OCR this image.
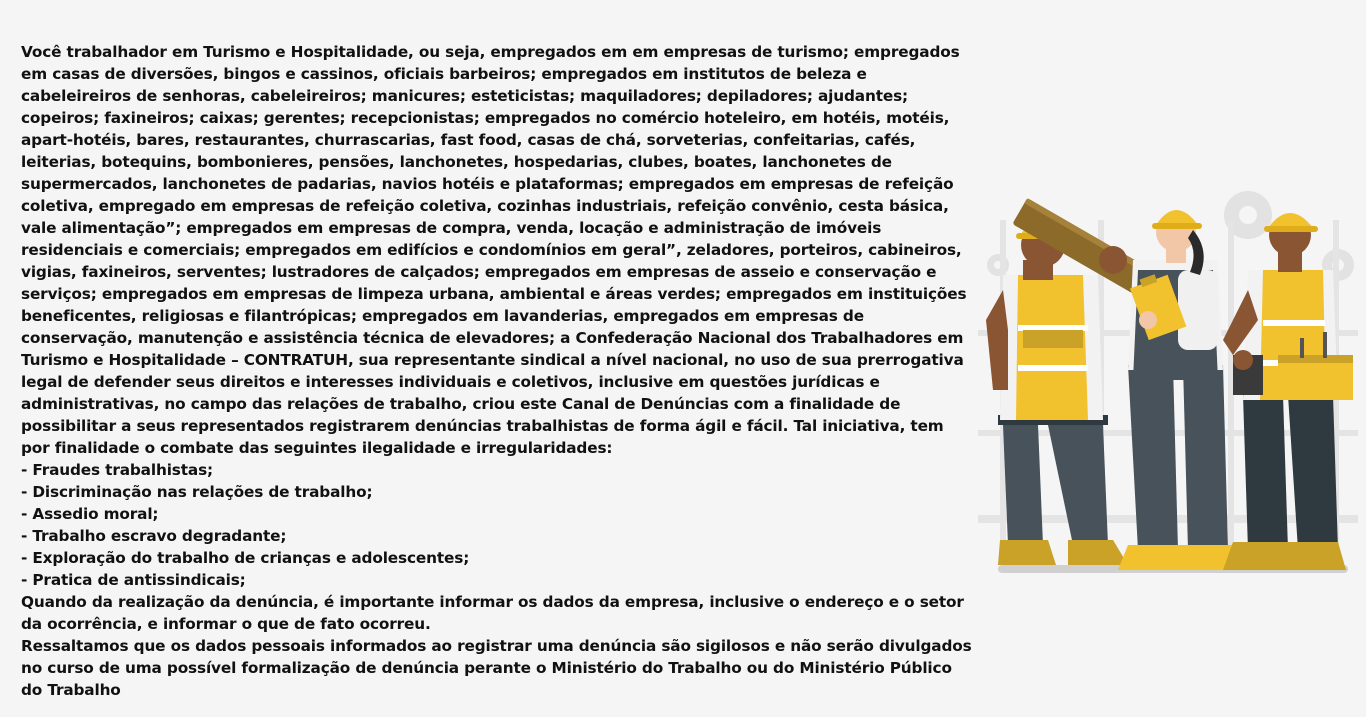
Você trabalhador em Turismo e Hospitalidade, ou seja, empregados em em empresas de turismo; empregados em casas de diversões, bingos e cassinos, oficiais barbeiros; empregados em institutos de beleza e cabeleireiros de senhoras, cabeleireiros; manicures; esteticistas; maquiladores; depiladores; ajudantes; copeiros; faxineiros; caixas; gerentes; recepcionistas; empregados no comércio hoteleiro, em hotéis, motéis, apart-hotéis, bares, restaurantes, churrascarias, fast food, casas de chá, sorveterias, confeitarias, cafés, leiterias, botequins, bombonieres, pensões, lanchonetes, hospedarias, clubes, boates, lanchonetes de supermercados, lanchonetes de padarias, navios hotéis e plataformas; empregados em empresas de refeição coletiva, empregado em empresas de refeição coletiva, cozinhas industriais, refeição convênio, cesta básica, vale alimentação”; empregados em empresas de compra, venda, locação e administração de imóveis residenciais e comerciais; empregados em edifícios e condomínios em geral”, zeladores, porteiros, cabineiros, vigias, faxineiros, serventes; lustradores de calçados; empregados em empresas de asseio e conservação e serviços; empregados em empresas de limpeza urbana, ambiental e áreas verdes; empregados em instituições beneficentes, religiosas e filantrópicas; empregados em lavanderias, empregados em empresas de conservação, manutenção e assistência técnica de elevadores; a Confederação Nacional dos Trabalhadores em Turismo e Hospitalidade – CONTRATUH, sua representante sindical a nível nacional, no uso de sua prerrogativa legal de defender seus direitos e interesses individuais e coletivos, inclusive em questões jurídicas e administrativas, no campo das relações de trabalho, criou este Canal de Denúncias com a finalidade de possibilitar a seus representados registrarem denúncias trabalhistas de forma ágil e fácil. Tal iniciativa, tem por finalidade o combate das seguintes ilegalidade e irregularidades:

- Fraudes trabalhistas;
- Discriminação nas relações de trabalho;
- Assedio moral;
- Trabalho escravo degradante;
- Exploração do trabalho de crianças e adolescentes;
- Pratica de antissindicais;

Quando da realização da denúncia, é importante informar os dados da empresa, inclusive o endereço e o setor da ocorrência, e informar o que de fato ocorreu.

Ressaltamos que os dados pessoais informados ao registrar uma denúncia são sigilosos e não serão divulgados no curso de uma possível formalização de denúncia perante o Ministério do Trabalho ou do Ministério Público do Trabalho
